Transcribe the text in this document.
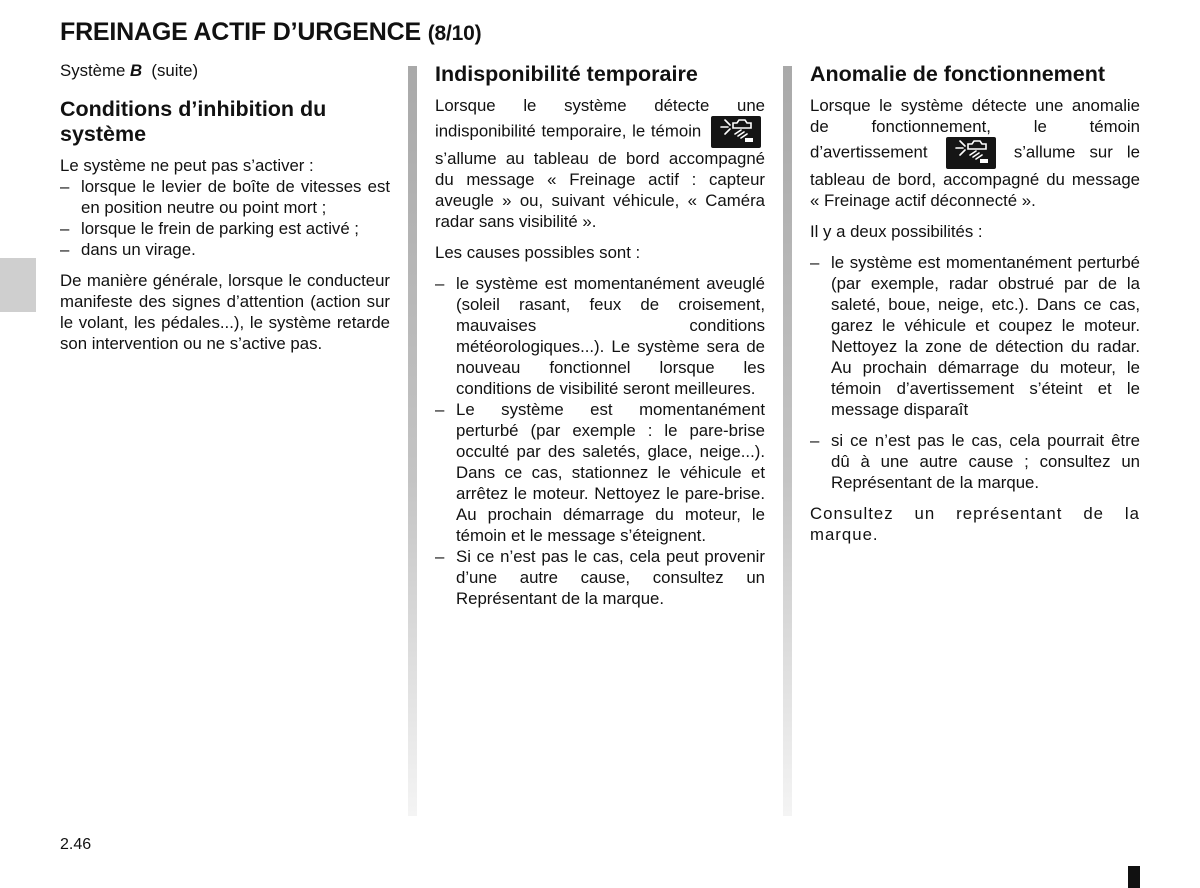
FREINAGE ACTIF D’URGENCE (8/10)

Système B (suite)

Conditions d’inhibition du système

Le système ne peut pas s’activer :

– lorsque le levier de boîte de vitesses est en position neutre ou point mort ;
– lorsque le frein de parking est activé ;
– dans un virage.

De manière générale, lorsque le conducteur manifeste des signes d’attention (action sur le volant, les pédales...), le système retarde son intervention ou ne s’active pas.

Indisponibilité temporaire

Lorsque le système détecte une indisponibilité temporaire, le témoin
s’allume au tableau de bord accompagné du message « Freinage actif : capteur aveugle » ou, suivant véhicule, « Caméra radar sans visibilité ».

Les causes possibles sont :

– le système est momentanément aveuglé (soleil rasant, feux de croisement, mauvaises conditions météorologiques...). Le système sera de nouveau fonctionnel lorsque les conditions de visibilité seront meilleures.
– Le système est momentanément perturbé (par exemple : le pare-brise occulté par des saletés, glace, neige...). Dans ce cas, stationnez le véhicule et arrêtez le moteur. Nettoyez le pare-brise. Au prochain démarrage du moteur, le témoin et le message s’éteignent.
– Si ce n’est pas le cas, cela peut provenir d’une autre cause, consultez un Représentant de la marque.
Anomalie de fonctionnement

Lorsque le système détecte une anomalie de fonctionnement, le témoin d’avertissement	s’allume sur le tableau de bord, accompagné du message « Freinage actif déconnecté ».

Il y a deux possibilités :

– le système est momentanément perturbé (par exemple, radar obstrué par de la saleté, boue, neige, etc.). Dans ce cas, garez le véhicule et coupez le moteur. Nettoyez la zone de détection du radar. Au prochain démarrage du moteur, le témoin d’avertissement s’éteint et le message disparaît
– si ce n’est pas le cas, cela pourrait être dû à une autre cause ; consultez un Représentant de la marque.

Consultez un représentant de la marque.

2.46
